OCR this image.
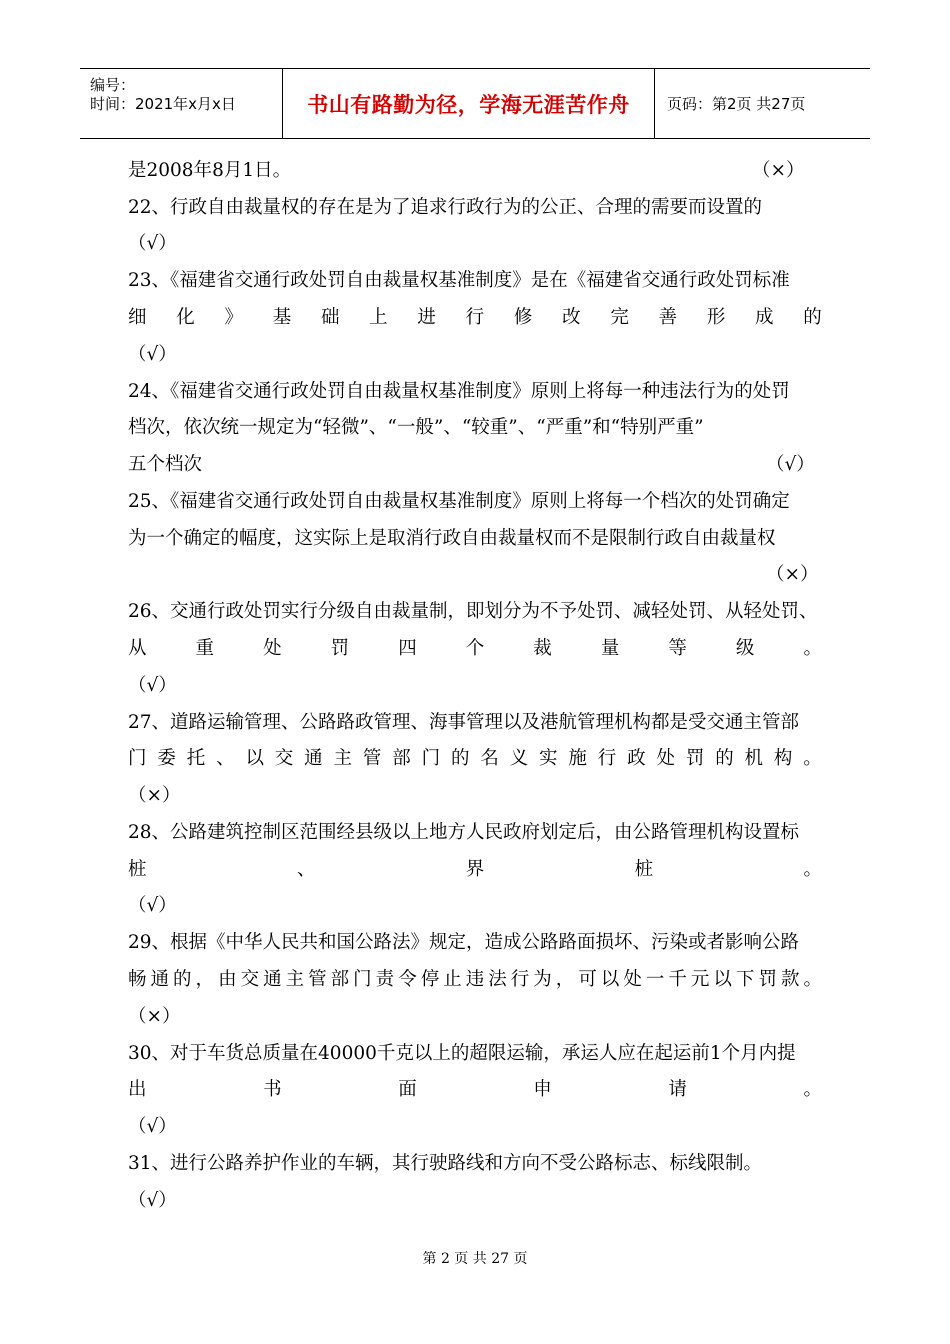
编号：
时间：2021年x月x日	书山有路勤为径，学海无涯苦作舟	页码：第2页 共27页
是2008年8月1日。	（×）
22、行政自由裁量权的存在是为了追求行政行为的公正、合理的需要而设置的
（√）
23、《福建省交通行政处罚自由裁量权基准制度》是在《福建省交通行政处罚标准
细 化 》 基 础 上 进 行 修 改 完 善 形 成 的
（√）
24、《福建省交通行政处罚自由裁量权基准制度》原则上将每一种违法行为的处罚
档次，依次统一规定为“轻微”、“一般”、“较重”、“严重”和“特别严重”
五个档次	（√）
25、《福建省交通行政处罚自由裁量权基准制度》原则上将每一个档次的处罚确定
为一个确定的幅度，这实际上是取消行政自由裁量权而不是限制行政自由裁量权
（×）
26、交通行政处罚实行分级自由裁量制，即划分为不予处罚、减轻处罚、从轻处罚、
从	重	处	罚	四	个	裁	量	等	级	。
（√）
27、道路运输管理、公路路政管理、海事管理以及港航管理机构都是受交通主管部
门 委 托 、 以 交 通 主 管 部 门 的 名 义 实 施 行 政 处 罚 的 机 构 。
（×）
28、公路建筑控制区范围经县级以上地方人民政府划定后，由公路管理机构设置标
桩	、	界	桩	。
（√）
29、根据《中华人民共和国公路法》规定，造成公路路面损坏、污染或者影响公路
畅 通 的 ， 由 交 通 主 管 部 门 责 令 停 止 违 法 行 为 ， 可 以 处 一 千 元 以 下 罚 款 。
（×）
30、对于车货总质量在40000千克以上的超限运输，承运人应在起运前1个月内提
出	书	面	申	请	。
（√）
31、进行公路养护作业的车辆，其行驶路线和方向不受公路标志、标线限制。
（√）
第 2 页 共 27 页
